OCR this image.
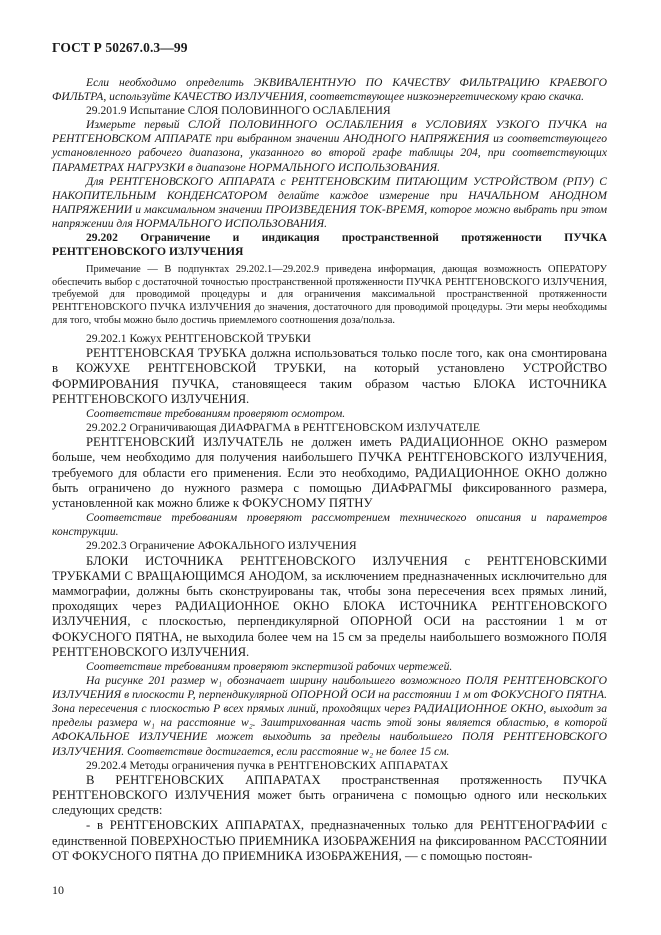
ГОСТ Р 50267.0.3—99

Если необходимо определить ЭКВИВАЛЕНТНУЮ ПО КАЧЕСТВУ ФИЛЬТРАЦИЮ КРАЕВОГО ФИЛЬТРА, используйте КАЧЕСТВО ИЗЛУЧЕНИЯ, соответствующее низкоэнергетическому краю скачка.

29.201.9 Испытание СЛОЯ ПОЛОВИННОГО ОСЛАБЛЕНИЯ

Измерьте первый СЛОЙ ПОЛОВИННОГО ОСЛАБЛЕНИЯ в УСЛОВИЯХ УЗКОГО ПУЧКА на РЕНТГЕНОВСКОМ АППАРАТЕ при выбранном значении АНОДНОГО НАПРЯЖЕНИЯ из соответствующего установленного рабочего диапазона, указанного во второй графе таблицы 204, при соответствующих ПАРАМЕТРАХ НАГРУЗКИ в диапазоне НОРМАЛЬНОГО ИСПОЛЬЗОВАНИЯ.

Для РЕНТГЕНОВСКОГО АППАРАТА с РЕНТГЕНОВСКИМ ПИТАЮЩИМ УСТРОЙСТВОМ (РПУ) С НАКОПИТЕЛЬНЫМ КОНДЕНСАТОРОМ делайте каждое измерение при НАЧАЛЬНОМ АНОДНОМ НАПРЯЖЕНИИ и максимальном значении ПРОИЗВЕДЕНИЯ ТОК-ВРЕМЯ, которое можно выбрать при этом напряжении для НОРМАЛЬНОГО ИСПОЛЬЗОВАНИЯ.

29.202 Ограничение и индикация пространственной протяженности ПУЧКА РЕНТГЕНОВСКОГО ИЗЛУЧЕНИЯ

Примечание — В подпунктах 29.202.1—29.202.9 приведена информация, дающая возможность ОПЕРАТОРУ обеспечить выбор с достаточной точностью пространственной протяженности ПУЧКА РЕНТГЕНОВСКОГО ИЗЛУЧЕНИЯ, требуемой для проводимой процедуры и для ограничения максимальной пространственной протяженности РЕНТГЕНОВСКОГО ПУЧКА ИЗЛУЧЕНИЯ до значения, достаточного для проводимой процедуры. Эти меры необходимы для того, чтобы можно было достичь приемлемого соотношения доза/польза.

29.202.1 Кожух РЕНТГЕНОВСКОЙ ТРУБКИ

РЕНТГЕНОВСКАЯ ТРУБКА должна использоваться только после того, как она смонтирована в КОЖУХЕ РЕНТГЕНОВСКОЙ ТРУБКИ, на который установлено УСТРОЙСТВО ФОРМИРОВАНИЯ ПУЧКА, становящееся таким образом частью БЛОКА ИСТОЧНИКА РЕНТГЕНОВСКОГО ИЗЛУЧЕНИЯ.

Соответствие требованиям проверяют осмотром.

29.202.2 Ограничивающая ДИАФРАГМА в РЕНТГЕНОВСКОМ ИЗЛУЧАТЕЛЕ

РЕНТГЕНОВСКИЙ ИЗЛУЧАТЕЛЬ не должен иметь РАДИАЦИОННОЕ ОКНО размером больше, чем необходимо для получения наибольшего ПУЧКА РЕНТГЕНОВСКОГО ИЗЛУЧЕНИЯ, требуемого для области его применения. Если это необходимо, РАДИАЦИОННОЕ ОКНО должно быть ограничено до нужного размера с помощью ДИАФРАГМЫ фиксированного размера, установленной как можно ближе к ФОКУСНОМУ ПЯТНУ

Соответствие требованиям проверяют рассмотрением технического описания и параметров конструкции.

29.202.3 Ограничение АФОКАЛЬНОГО ИЗЛУЧЕНИЯ

БЛОКИ ИСТОЧНИКА РЕНТГЕНОВСКОГО ИЗЛУЧЕНИЯ с РЕНТГЕНОВСКИМИ ТРУБКАМИ С ВРАЩАЮЩИМСЯ АНОДОМ, за исключением предназначенных исключительно для маммографии, должны быть сконструированы так, чтобы зона пересечения всех прямых линий, проходящих через РАДИАЦИОННОЕ ОКНО БЛОКА ИСТОЧНИКА РЕНТГЕНОВСКОГО ИЗЛУЧЕНИЯ, с плоскостью, перпендикулярной ОПОРНОЙ ОСИ на расстоянии 1 м от ФОКУСНОГО ПЯТНА, не выходила более чем на 15 см за пределы наибольшего возможного ПОЛЯ РЕНТГЕНОВСКОГО ИЗЛУЧЕНИЯ.

Соответствие требованиям проверяют экспертизой рабочих чертежей.

На рисунке 201 размер w₁ обозначает ширину наибольшего возможного ПОЛЯ РЕНТГЕНОВСКОГО ИЗЛУЧЕНИЯ в плоскости P, перпендикулярной ОПОРНОЙ ОСИ на расстоянии 1 м от ФОКУСНОГО ПЯТНА. Зона пересечения с плоскостью P всех прямых линий, проходящих через РАДИАЦИОННОЕ ОКНО, выходит за пределы размера w₁ на расстояние w₂. Заштрихованная часть этой зоны является областью, в которой АФОКАЛЬНОЕ ИЗЛУЧЕНИЕ может выходить за пределы наибольшего ПОЛЯ РЕНТГЕНОВСКОГО ИЗЛУЧЕНИЯ. Соответствие достигается, если расстояние w₂ не более 15 см.

29.202.4 Методы ограничения пучка в РЕНТГЕНОВСКИХ АППАРАТАХ

В РЕНТГЕНОВСКИХ АППАРАТАХ пространственная протяженность ПУЧКА РЕНТГЕНОВСКОГО ИЗЛУЧЕНИЯ может быть ограничена с помощью одного или нескольких следующих средств:

- в РЕНТГЕНОВСКИХ АППАРАТАХ, предназначенных только для РЕНТГЕНОГРАФИИ с единственной ПОВЕРХНОСТЬЮ ПРИЕМНИКА ИЗОБРАЖЕНИЯ на фиксированном РАССТОЯНИИ ОТ ФОКУСНОГО ПЯТНА ДО ПРИЕМНИКА ИЗОБРАЖЕНИЯ, — с помощью постоян-

10
